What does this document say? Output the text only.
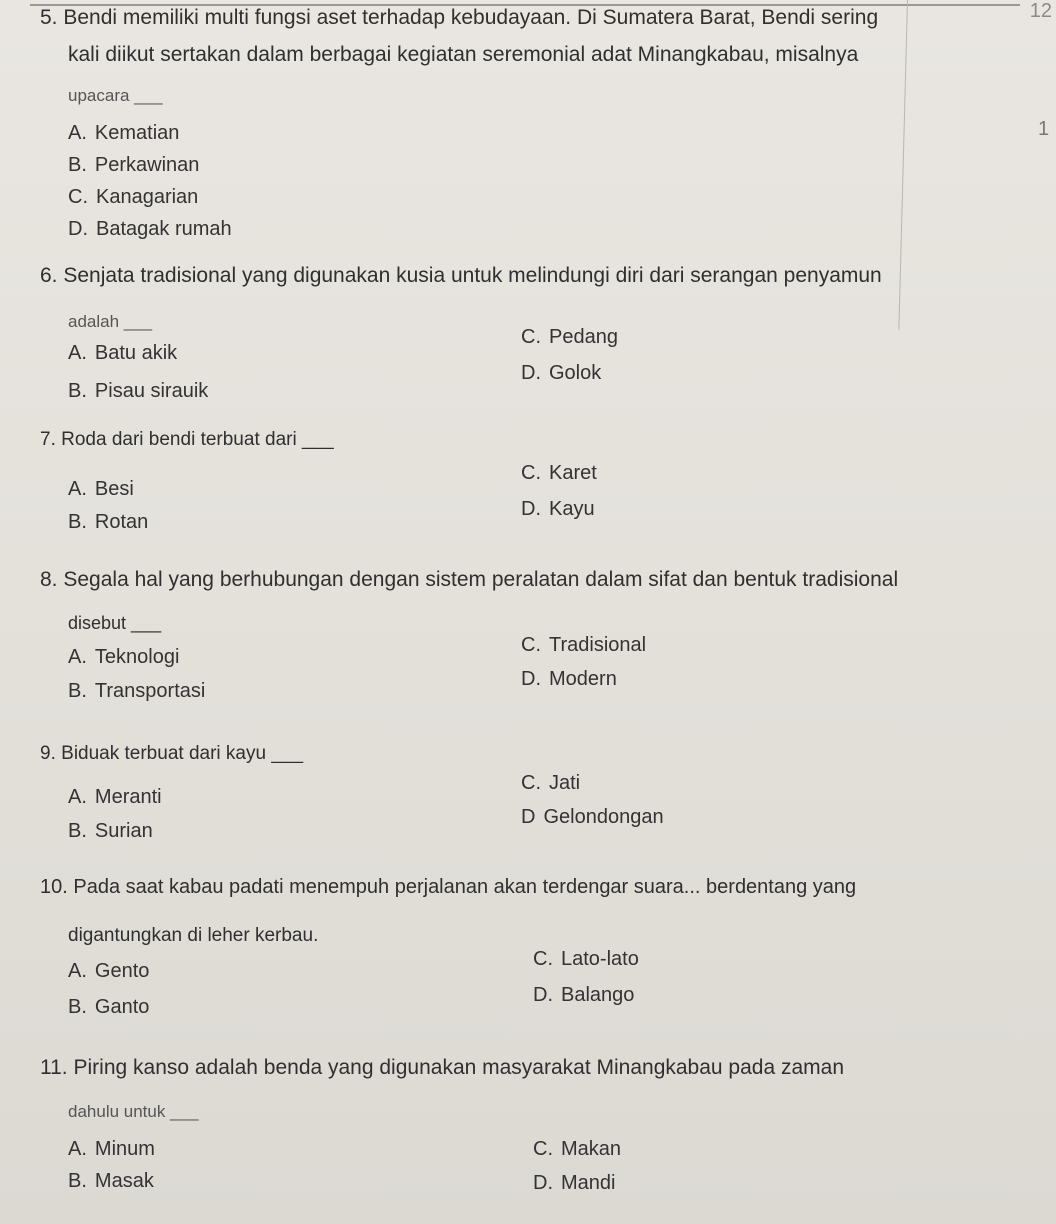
12
1
5. Bendi memiliki multi fungsi aset terhadap kebudayaan. Di Sumatera Barat, Bendi sering
kali diikut sertakan dalam berbagai kegiatan seremonial adat Minangkabau, misalnya
upacara ___
A. Kematian
B. Perkawinan
C. Kanagarian
D. Batagak rumah
6. Senjata tradisional yang digunakan kusia untuk melindungi diri dari serangan penyamun
adalah ___
A. Batu akik
B. Pisau sirauik
C. Pedang
D. Golok
7. Roda dari bendi terbuat dari ___
A. Besi
B. Rotan
C. Karet
D. Kayu
8. Segala hal yang berhubungan dengan sistem peralatan dalam sifat dan bentuk tradisional
disebut ___
A. Teknologi
B. Transportasi
C. Tradisional
D. Modern
9. Biduak terbuat dari kayu ___
A. Meranti
B. Surian
C. Jati
D Gelondongan
10. Pada saat kabau padati menempuh perjalanan akan terdengar suara... berdentang yang
digantungkan di leher kerbau.
A. Gento
B. Ganto
C. Lato-lato
D. Balango
11. Piring kanso adalah benda yang digunakan masyarakat Minangkabau pada zaman
dahulu untuk ___
A. Minum
B. Masak
C. Makan
D. Mandi
